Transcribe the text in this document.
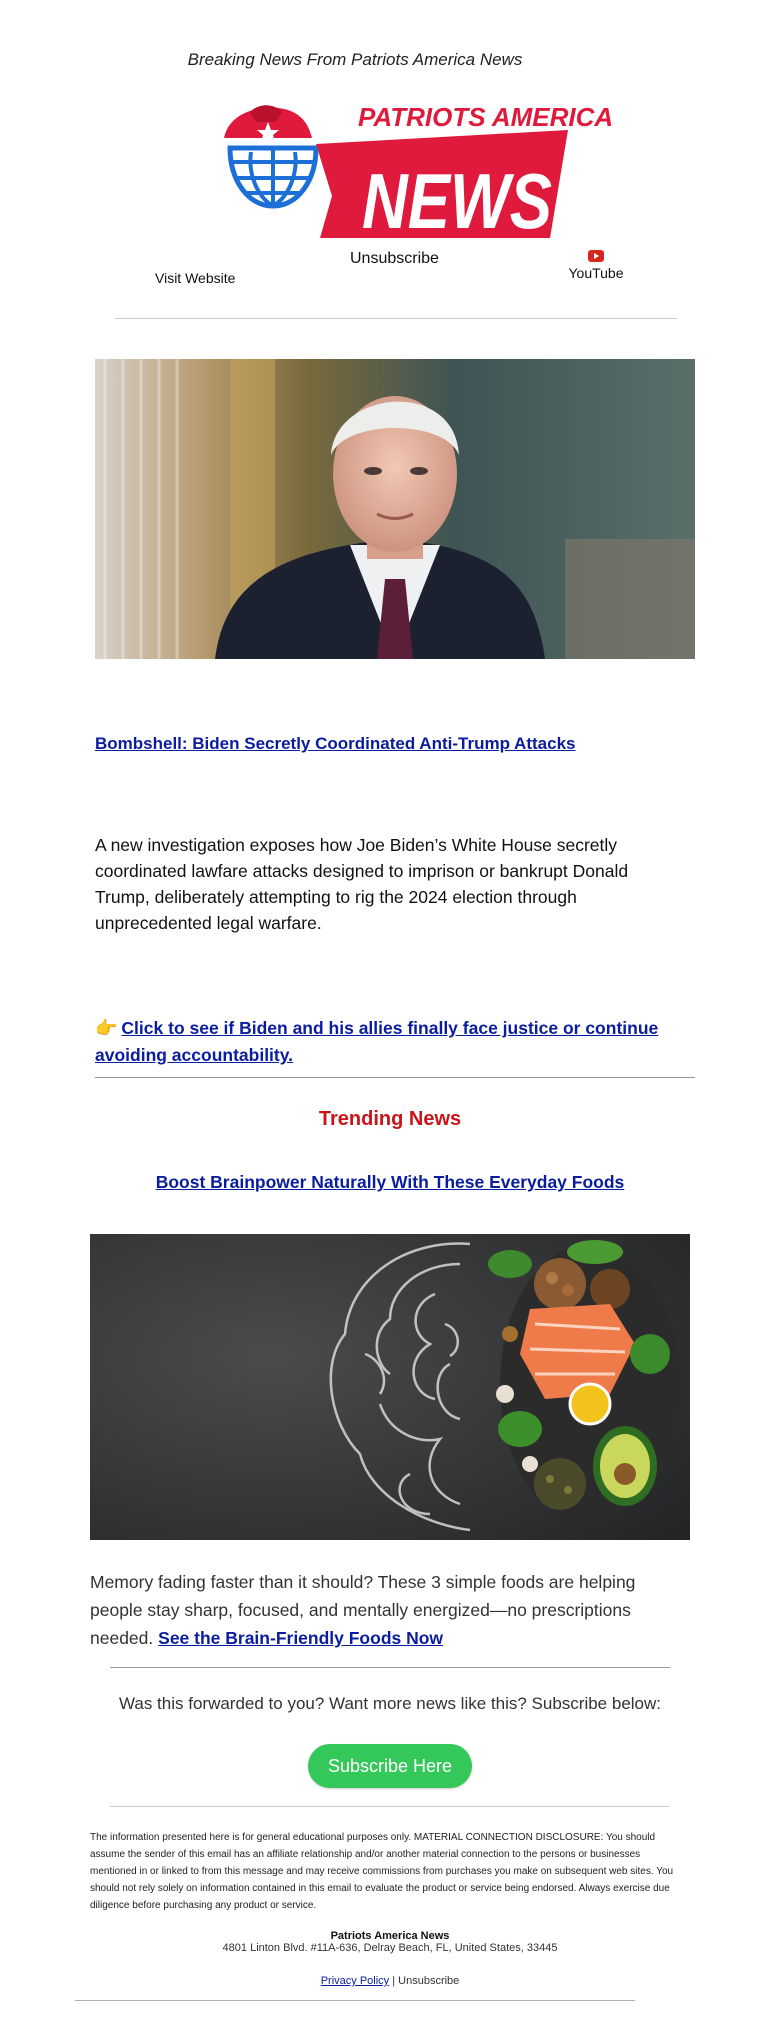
Breaking News From Patriots America News
PATRIOTS AMERICA
NEWS
Visit Website
Unsubscribe
YouTube
Bombshell: Biden Secretly Coordinated Anti-Trump Attacks

A new investigation exposes how Joe Biden’s White House secretly coordinated lawfare attacks designed to imprison or bankrupt Donald Trump, deliberately attempting to rig the 2024 election through unprecedented legal warfare.

👉 Click to see if Biden and his allies finally face justice or continue avoiding accountability.
Trending News
Boost Brainpower Naturally With These Everyday Foods

Memory fading faster than it should? These 3 simple foods are helping people stay sharp, focused, and mentally energized—no prescriptions needed. See the Brain-Friendly Foods Now

Was this forwarded to you? Want more news like this? Subscribe below:
Subscribe Here

The information presented here is for general educational purposes only. MATERIAL CONNECTION DISCLOSURE: You should assume the sender of this email has an affiliate relationship and/or another material connection to the persons or businesses mentioned in or linked to from this message and may receive commissions from purchases you make on subsequent web sites. You should not rely solely on information contained in this email to evaluate the product or service being endorsed. Always exercise due diligence before purchasing any product or service.

Patriots America News
4801 Linton Blvd. #11A-636, Delray Beach, FL, United States, 33445
Privacy Policy | Unsubscribe
